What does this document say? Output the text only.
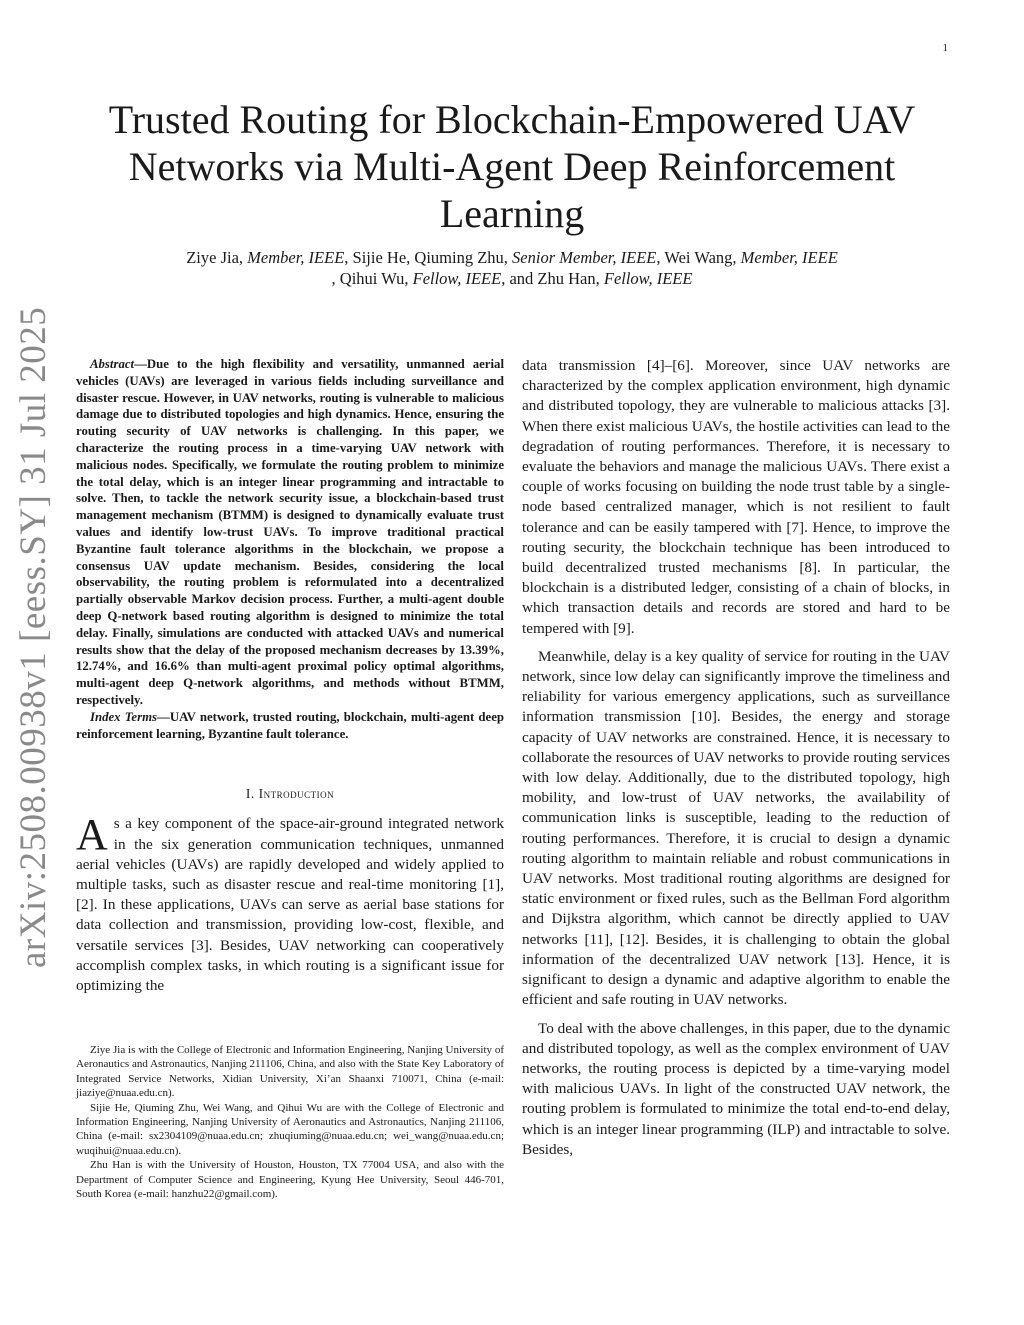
1
Trusted Routing for Blockchain-Empowered UAV Networks via Multi-Agent Deep Reinforcement Learning
Ziye Jia, Member, IEEE, Sijie He, Qiuming Zhu, Senior Member, IEEE, Wei Wang, Member, IEEE
, Qihui Wu, Fellow, IEEE, and Zhu Han, Fellow, IEEE
arXiv:2508.00938v1 [eess.SY] 31 Jul 2025	Abstract—Due to the high flexibility and versatility, unmanned aerial vehicles (UAVs) are leveraged in various fields including surveillance and disaster rescue. However, in UAV networks, routing is vulnerable to malicious damage due to distributed topologies and high dynamics. Hence, ensuring the routing security of UAV networks is challenging. In this paper, we characterize the routing process in a time-varying UAV network with malicious nodes. Specifically, we formulate the routing problem to minimize the total delay, which is an integer linear programming and intractable to solve. Then, to tackle the network security issue, a blockchain-based trust management mechanism (BTMM) is designed to dynamically evaluate trust values and identify low-trust UAVs. To improve traditional practical Byzantine fault tolerance algorithms in the blockchain, we propose a consensus UAV update mechanism. Besides, considering the local observability, the routing problem is reformulated into a decentralized partially observable Markov decision process. Further, a multi-agent double deep Q-network based routing algorithm is designed to minimize the total delay. Finally, simulations are conducted with attacked UAVs and numerical results show that the delay of the proposed mechanism decreases by 13.39%, 12.74%, and 16.6% than multi-agent proximal policy optimal algorithms, multi-agent deep Q-network algorithms, and methods without BTMM, respectively.

Index Terms—UAV network, trusted routing, blockchain, multi-agent deep reinforcement learning, Byzantine fault tolerance.

I. Introduction

As a key component of the space-air-ground integrated network in the six generation communication techniques, unmanned aerial vehicles (UAVs) are rapidly developed and widely applied to multiple tasks, such as disaster rescue and real-time monitoring [1], [2]. In these applications, UAVs can serve as aerial base stations for data collection and transmission, providing low-cost, flexible, and versatile services [3]. Besides, UAV networking can cooperatively accomplish complex tasks, in which routing is a significant issue for optimizing the

Ziye Jia is with the College of Electronic and Information Engineering, Nanjing University of Aeronautics and Astronautics, Nanjing 211106, China, and also with the State Key Laboratory of Integrated Service Networks, Xidian University, Xi’an Shaanxi 710071, China (e-mail: jiaziye@nuaa.edu.cn).

Sijie He, Qiuming Zhu, Wei Wang, and Qihui Wu are with the College of Electronic and Information Engineering, Nanjing University of Aeronautics and Astronautics, Nanjing 211106, China (e-mail: sx2304109@nuaa.edu.cn; zhuqiuming@nuaa.edu.cn; wei_wang@nuaa.edu.cn; wuqihui@nuaa.edu.cn).

Zhu Han is with the University of Houston, Houston, TX 77004 USA, and also with the Department of Computer Science and Engineering, Kyung Hee University, Seoul 446-701, South Korea (e-mail: hanzhu22@gmail.com).

data transmission [4]–[6]. Moreover, since UAV networks are characterized by the complex application environment, high dynamic and distributed topology, they are vulnerable to malicious attacks [3]. When there exist malicious UAVs, the hostile activities can lead to the degradation of routing performances. Therefore, it is necessary to evaluate the behaviors and manage the malicious UAVs. There exist a couple of works focusing on building the node trust table by a single-node based centralized manager, which is not resilient to fault tolerance and can be easily tampered with [7]. Hence, to improve the routing security, the blockchain technique has been introduced to build decentralized trusted mechanisms [8]. In particular, the blockchain is a distributed ledger, consisting of a chain of blocks, in which transaction details and records are stored and hard to be tempered with [9].

Meanwhile, delay is a key quality of service for routing in the UAV network, since low delay can significantly improve the timeliness and reliability for various emergency applications, such as surveillance information transmission [10]. Besides, the energy and storage capacity of UAV networks are constrained. Hence, it is necessary to collaborate the resources of UAV networks to provide routing services with low delay. Additionally, due to the distributed topology, high mobility, and low-trust of UAV networks, the availability of communication links is susceptible, leading to the reduction of routing performances. Therefore, it is crucial to design a dynamic routing algorithm to maintain reliable and robust communications in UAV networks. Most traditional routing algorithms are designed for static environment or fixed rules, such as the Bellman Ford algorithm and Dijkstra algorithm, which cannot be directly applied to UAV networks [11], [12]. Besides, it is challenging to obtain the global information of the decentralized UAV network [13]. Hence, it is significant to design a dynamic and adaptive algorithm to enable the efficient and safe routing in UAV networks.

To deal with the above challenges, in this paper, due to the dynamic and distributed topology, as well as the complex environment of UAV networks, the routing process is depicted by a time-varying model with malicious UAVs. In light of the constructed UAV network, the routing problem is formulated to minimize the total end-to-end delay, which is an integer linear programming (ILP) and intractable to solve. Besides,
